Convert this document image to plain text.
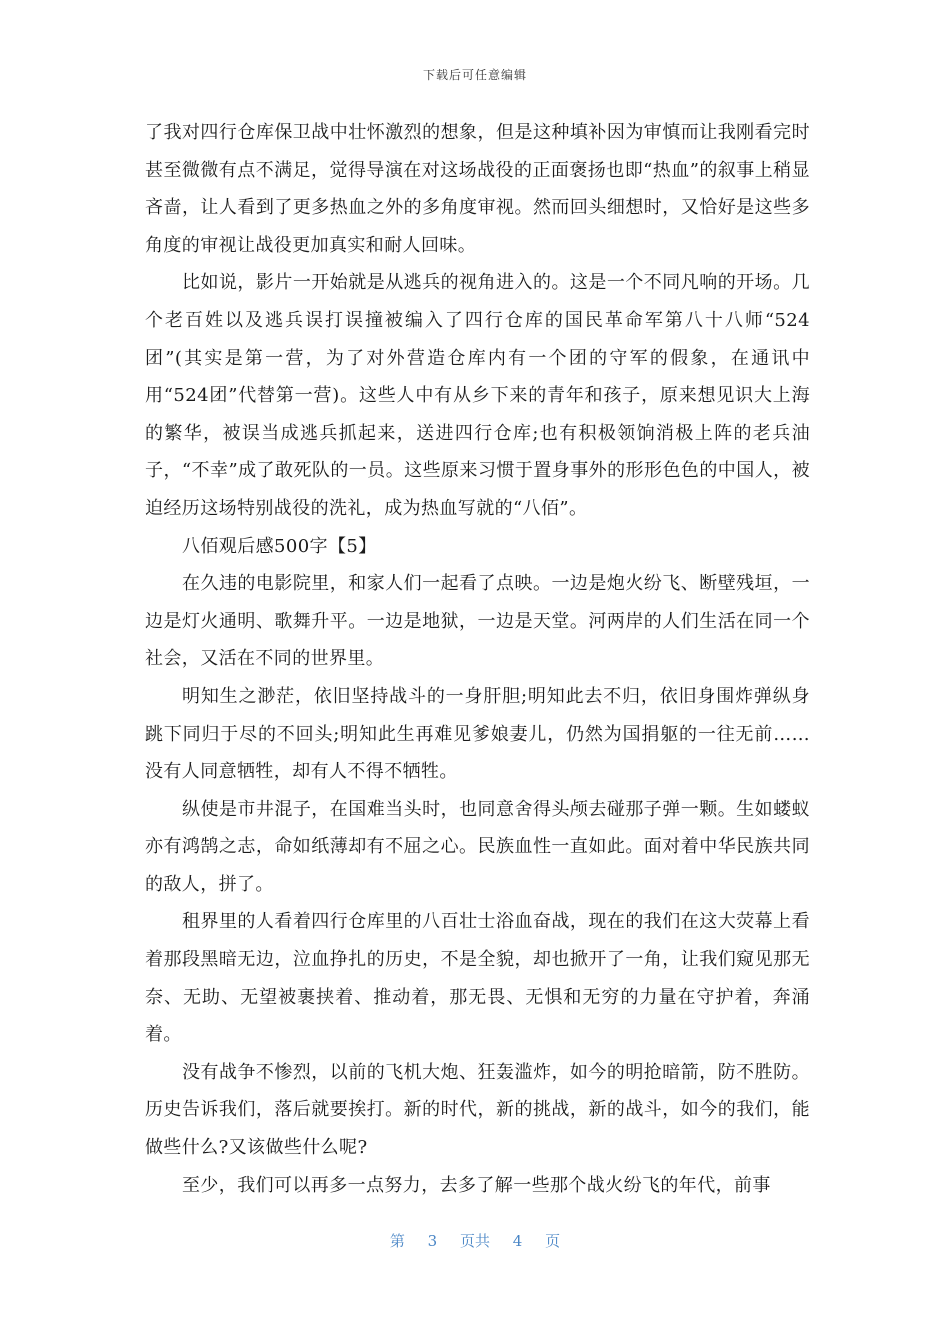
下载后可任意编辑

了我对四行仓库保卫战中壮怀激烈的想象，但是这种填补因为审慎而让我刚看完时甚至微微有点不满足，觉得导演在对这场战役的正面褒扬也即“热血”的叙事上稍显吝啬，让人看到了更多热血之外的多角度审视。然而回头细想时，又恰好是这些多角度的审视让战役更加真实和耐人回味。

比如说，影片一开始就是从逃兵的视角进入的。这是一个不同凡响的开场。几个老百姓以及逃兵误打误撞被编入了四行仓库的国民革命军第八十八师“524团”(其实是第一营，为了对外营造仓库内有一个团的守军的假象，在通讯中用“524团”代替第一营)。这些人中有从乡下来的青年和孩子，原来想见识大上海的繁华，被误当成逃兵抓起来，送进四行仓库;也有积极领饷消极上阵的老兵油子，“不幸”成了敢死队的一员。这些原来习惯于置身事外的形形色色的中国人，被迫经历这场特别战役的洗礼，成为热血写就的“八佰”。

八佰观后感500字【5】

在久违的电影院里，和家人们一起看了点映。一边是炮火纷飞、断壁残垣，一边是灯火通明、歌舞升平。一边是地狱，一边是天堂。河两岸的人们生活在同一个社会，又活在不同的世界里。

明知生之渺茫，依旧坚持战斗的一身肝胆;明知此去不归，依旧身围炸弹纵身跳下同归于尽的不回头;明知此生再难见爹娘妻儿，仍然为国捐躯的一往无前……没有人同意牺牲，却有人不得不牺牲。

纵使是市井混子，在国难当头时，也同意舍得头颅去碰那子弹一颗。生如蝼蚁亦有鸿鹄之志，命如纸薄却有不屈之心。民族血性一直如此。面对着中华民族共同的敌人，拼了。

租界里的人看着四行仓库里的八百壮士浴血奋战，现在的我们在这大荧幕上看着那段黑暗无边，泣血挣扎的历史，不是全貌，却也掀开了一角，让我们窥见那无奈、无助、无望被裹挟着、推动着，那无畏、无惧和无穷的力量在守护着，奔涌着。

没有战争不惨烈，以前的飞机大炮、狂轰滥炸，如今的明抢暗箭，防不胜防。历史告诉我们，落后就要挨打。新的时代，新的挑战，新的战斗，如今的我们，能做些什么?又该做些什么呢?

至少，我们可以再多一点努力，去多了解一些那个战火纷飞的年代，前事

第 3 页共 4 页
